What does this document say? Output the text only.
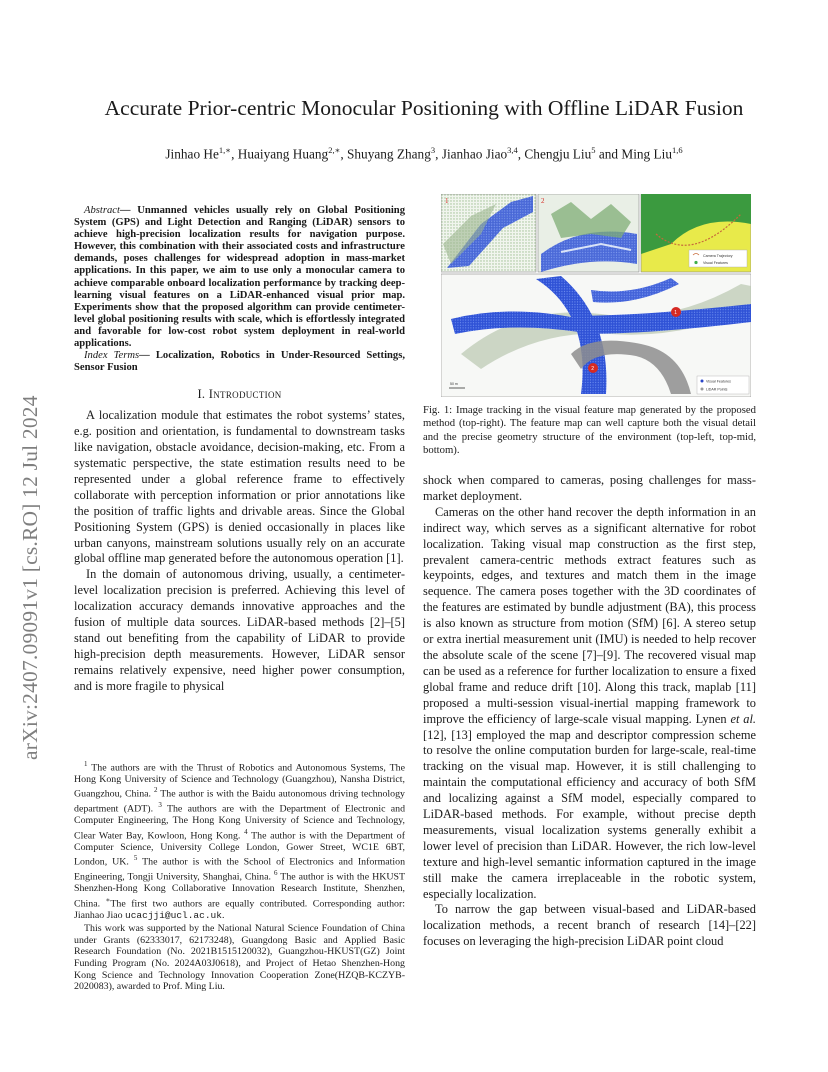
arXiv:2407.09091v1 [cs.RO] 12 Jul 2024
Accurate Prior-centric Monocular Positioning with Offline LiDAR Fusion
Jinhao $He^{1,∗}$, Huaiyang Huang$^{2,∗}$, Shuyang Zhang$^3$, Jianhao Jiao$^{3,4}$, Chengju Liu$^5$ and Ming Liu$^{1,6}$

Abstract— Unmanned vehicles usually rely on Global Positioning System (GPS) and Light Detection and Ranging (LiDAR) sensors to achieve high-precision localization results for navigation purpose. However, this combination with their associated costs and infrastructure demands, poses challenges for widespread adoption in mass-market applications. In this paper, we aim to use only a monocular camera to achieve comparable onboard localization performance by tracking deep-learning visual features on a LiDAR-enhanced visual prior map. Experiments show that the proposed algorithm can provide centimeter-level global positioning results with scale, which is effortlessly integrated and favorable for low-cost robot system deployment in real-world applications.

Index Terms— Localization, Robotics in Under-Resourced Settings, Sensor Fusion

I. Introduction

A localization module that estimates the robot systems’ states, e.g. position and orientation, is fundamental to downstream tasks like navigation, obstacle avoidance, decision-making, etc. From a systematic perspective, the state estimation results need to be represented under a global reference frame to effectively collaborate with perception information or prior annotations like the position of traffic lights and drivable areas. Since the Global Positioning System (GPS) is denied occasionally in places like urban canyons, mainstream solutions usually rely on an accurate global offline map generated before the autonomous operation [1].

In the domain of autonomous driving, usually, a centimeter-level localization precision is preferred. Achieving this level of localization accuracy demands innovative approaches and the fusion of multiple data sources. LiDAR-based methods [2]–[5] stand out benefiting from the capability of LiDAR to provide high-precision depth measurements. However, LiDAR sensor remains relatively expensive, need higher power consumption, and is more fragile to physical

$^1$ The authors are with the Thrust of Robotics and Autonomous Systems, The Hong Kong University of Science and Technology (Guangzhou), Nansha District, Guangzhou, China. $^2$ The author is with the Baidu autonomous driving technology department (ADT). $^3$ The authors are with the Department of Electronic and Computer Engineering, The Hong Kong University of Science and Technology, Clear Water Bay, Kowloon, Hong Kong. $^4$ The author is with the Department of Computer Science, University College London, Gower Street, WC1E 6BT, London, UK. $^5$ The author is with the School of Electronics and Information Engineering, Tongji University, Shanghai, China. $^6$ The author is with the HKUST Shenzhen-Hong Kong Collaborative Innovation Research Institute, Shenzhen, China. ∗The first two authors are equally contributed. Corresponding author: Jianhao Jiao ucacjji@ucl.ac.uk.

This work was supported by the National Natural Science Foundation of China under Grants (62333017, 62173248), Guangdong Basic and Applied Basic Research Foundation (No. 2021B1515120032), Guangzhou-HKUST(GZ) Joint Funding Program (No. 2024A03J0618), and Project of Hetao Shenzhen-Hong Kong Science and Technology Innovation Cooperation Zone(HZQB-KCZYB-2020083), awarded to Prof. Ming Liu.

1	2
Camera Trajectory
Visual Features
1
2
50 m
Visual Features
LiDAR Points
Fig. 1: Image tracking in the visual feature map generated by the proposed method (top-right). The feature map can well capture both the visual detail and the precise geometry structure of the environment (top-left, top-mid, bottom).

shock when compared to cameras, posing challenges for mass-market deployment.

Cameras on the other hand recover the depth information in an indirect way, which serves as a significant alternative for robot localization. Taking visual map construction as the first step, prevalent camera-centric methods extract features such as keypoints, edges, and textures and match them in the image sequence. The camera poses together with the 3D coordinates of the features are estimated by bundle adjustment (BA), this process is also known as structure from motion (SfM) [6]. A stereo setup or extra inertial measurement unit (IMU) is needed to help recover the absolute scale of the scene [7]–[9]. The recovered visual map can be used as a reference for further localization to ensure a fixed global frame and reduce drift [10]. Along this track, maplab [11] proposed a multi-session visual-inertial mapping framework to improve the efficiency of large-scale visual mapping. Lynen et al. [12], [13] employed the map and descriptor compression scheme to resolve the online computation burden for large-scale, real-time tracking on the visual map. However, it is still challenging to maintain the computational efficiency and accuracy of both SfM and localizing against a SfM model, especially compared to LiDAR-based methods. For example, without precise depth measurements, visual localization systems generally exhibit a lower level of precision than LiDAR. However, the rich low-level texture and high-level semantic information captured in the image still make the camera irreplaceable in the robotic system, especially localization.

To narrow the gap between visual-based and LiDAR-based localization methods, a recent branch of research [14]–[22] focuses on leveraging the high-precision LiDAR point cloud
